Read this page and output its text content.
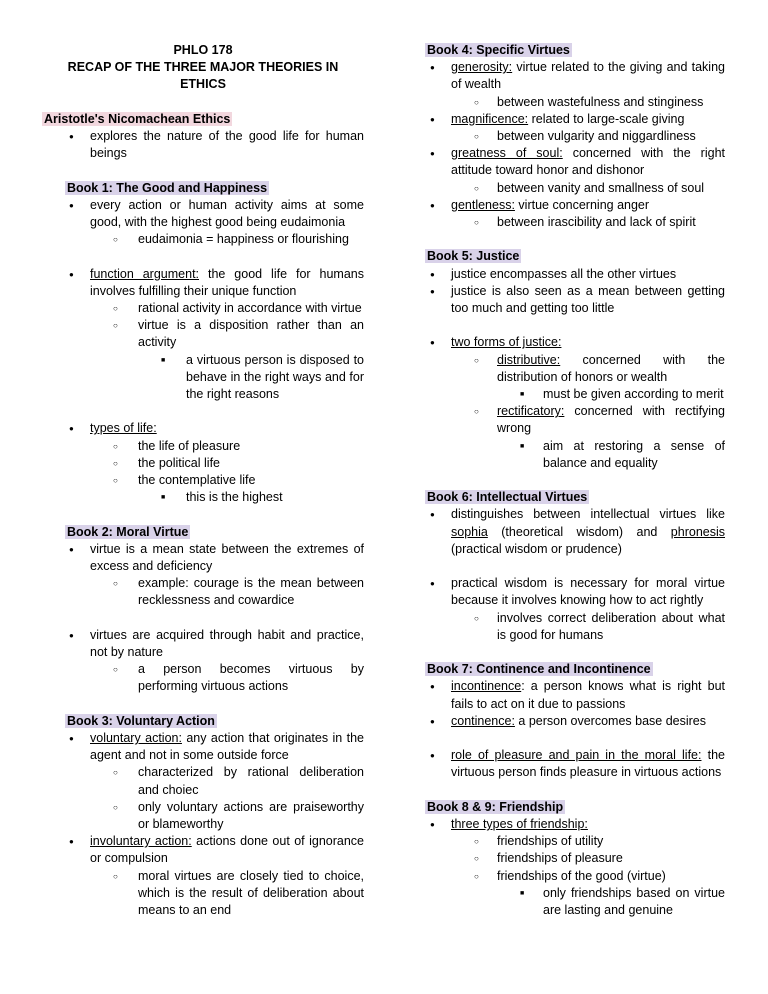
PHLO 178
RECAP OF THE THREE MAJOR THEORIES IN
ETHICS
Aristotle's Nicomachean Ethics
● explores the nature of the good life for human beings
Book 1: The Good and Happiness
● every action or human activity aims at some good, with the highest good being eudaimonia
○ eudaimonia = happiness or flourishing
● function argument: the good life for humans involves fulfilling their unique function
○ rational activity in accordance with virtue
○ virtue is a disposition rather than an activity
■ a virtuous person is disposed to behave in the right ways and for the right reasons
● types of life:
○ the life of pleasure
○ the political life
○ the contemplative life
■ this is the highest
Book 2: Moral Virtue
● virtue is a mean state between the extremes of excess and deficiency
○ example: courage is the mean between recklessness and cowardice
● virtues are acquired through habit and practice, not by nature
○ a person becomes virtuous by performing virtuous actions
Book 3: Voluntary Action
● voluntary action: any action that originates in the agent and not in some outside force
○ characterized by rational deliberation and choiec
○ only voluntary actions are praiseworthy or blameworthy
● involuntary action: actions done out of ignorance or compulsion
○ moral virtues are closely tied to choice, which is the result of deliberation about means to an end
Book 4: Specific Virtues
● generosity: virtue related to the giving and taking of wealth
○ between wastefulness and stinginess
● magnificence: related to large-scale giving
○ between vulgarity and niggardliness
● greatness of soul: concerned with the right attitude toward honor and dishonor
○ between vanity and smallness of soul
● gentleness: virtue concerning anger
○ between irascibility and lack of spirit
Book 5: Justice
● justice encompasses all the other virtues
● justice is also seen as a mean between getting too much and getting too little
● two forms of justice:
○ distributive: concerned with the distribution of honors or wealth
■ must be given according to merit
○ rectificatory: concerned with rectifying wrong
■ aim at restoring a sense of balance and equality
Book 6: Intellectual Virtues
● distinguishes between intellectual virtues like sophia (theoretical wisdom) and phronesis (practical wisdom or prudence)
● practical wisdom is necessary for moral virtue because it involves knowing how to act rightly
○ involves correct deliberation about what is good for humans
Book 7: Continence and Incontinence
● incontinence: a person knows what is right but fails to act on it due to passions
● continence: a person overcomes base desires
● role of pleasure and pain in the moral life: the virtuous person finds pleasure in virtuous actions
Book 8 & 9: Friendship
● three types of friendship:
○ friendships of utility
○ friendships of pleasure
○ friendships of the good (virtue)
■ only friendships based on virtue are lasting and genuine
